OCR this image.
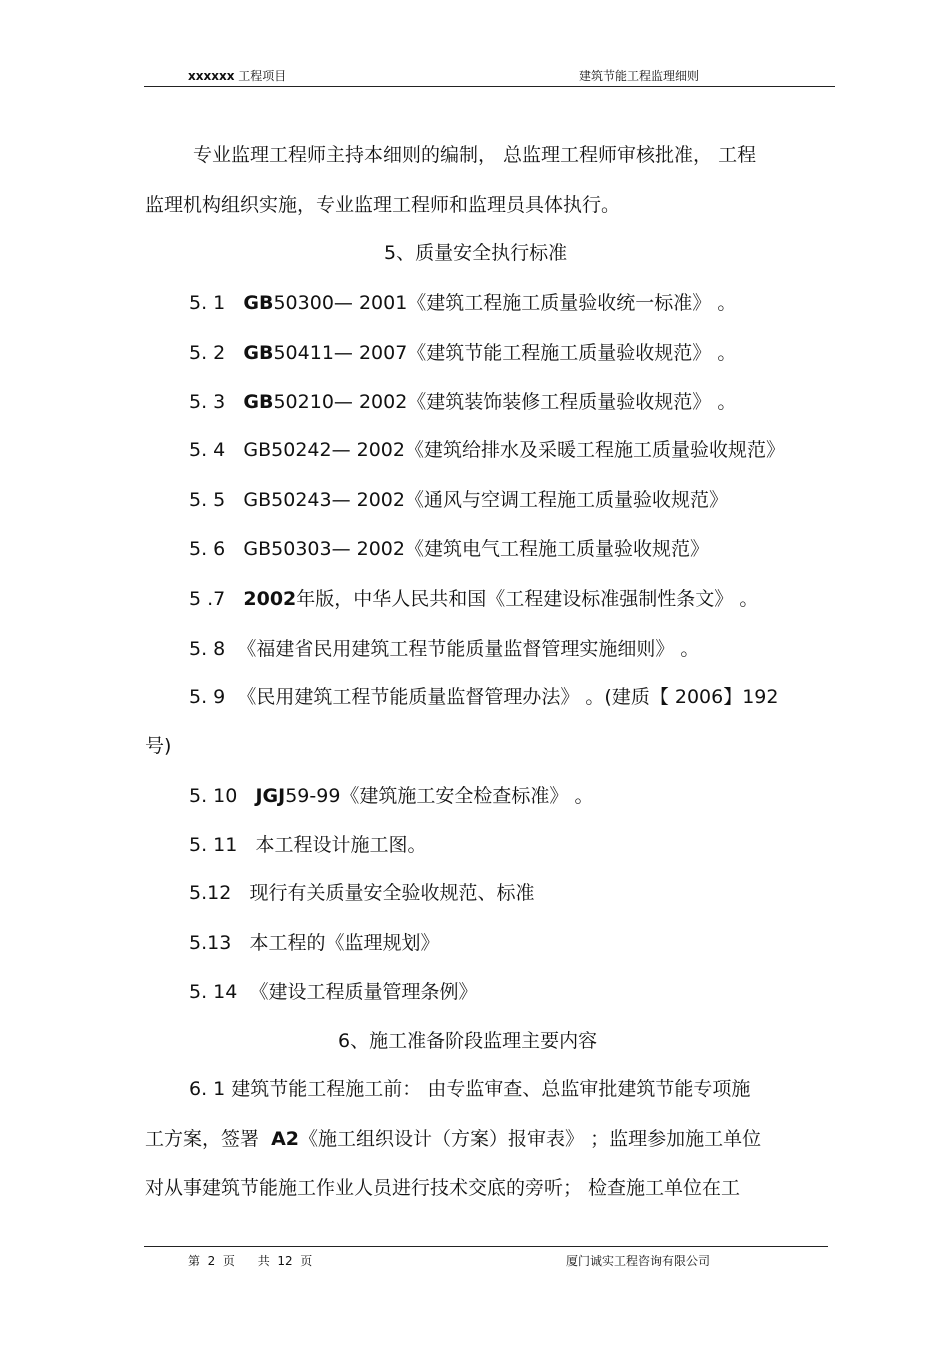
xxxxxx 工程项目	建筑节能工程监理细则
专业监理工程师主持本细则的编制， 总监理工程师审核批准， 工程
监理机构组织实施，专业监理工程师和监理员具体执行。
5、质量安全执行标准
5. 1 GB50300— 2001《建筑工程施工质量验收统一标准》 。
5. 2 GB50411— 2007《建筑节能工程施工质量验收规范》 。
5. 3 GB50210— 2002《建筑装饰装修工程质量验收规范》 。
5. 4 GB50242— 2002《建筑给排水及采暖工程施工质量验收规范》
5. 5 GB50243— 2002《通风与空调工程施工质量验收规范》
5. 6 GB50303— 2002《建筑电气工程施工质量验收规范》
5 .7 2002年版，中华人民共和国《工程建设标准强制性条文》 。
5. 8 《福建省民用建筑工程节能质量监督管理实施细则》 。
5. 9 《民用建筑工程节能质量监督管理办法》 。(建质【 2006】192
号)
5. 10 JGJ59-99《建筑施工安全检查标准》 。
5. 11 本工程设计施工图。
5.12 现行有关质量安全验收规范、标准
5.13 本工程的《监理规划》
5. 14 《建设工程质量管理条例》
6、施工准备阶段监理主要内容
6. 1 建筑节能工程施工前： 由专监审查、总监审批建筑节能专项施
工方案，签署  A2《施工组织设计（方案）报审表》 ；监理参加施工单位
对从事建筑节能施工作业人员进行技术交底的旁听； 检查施工单位在工
第  2  页      共  12  页	厦门诚实工程咨询有限公司
